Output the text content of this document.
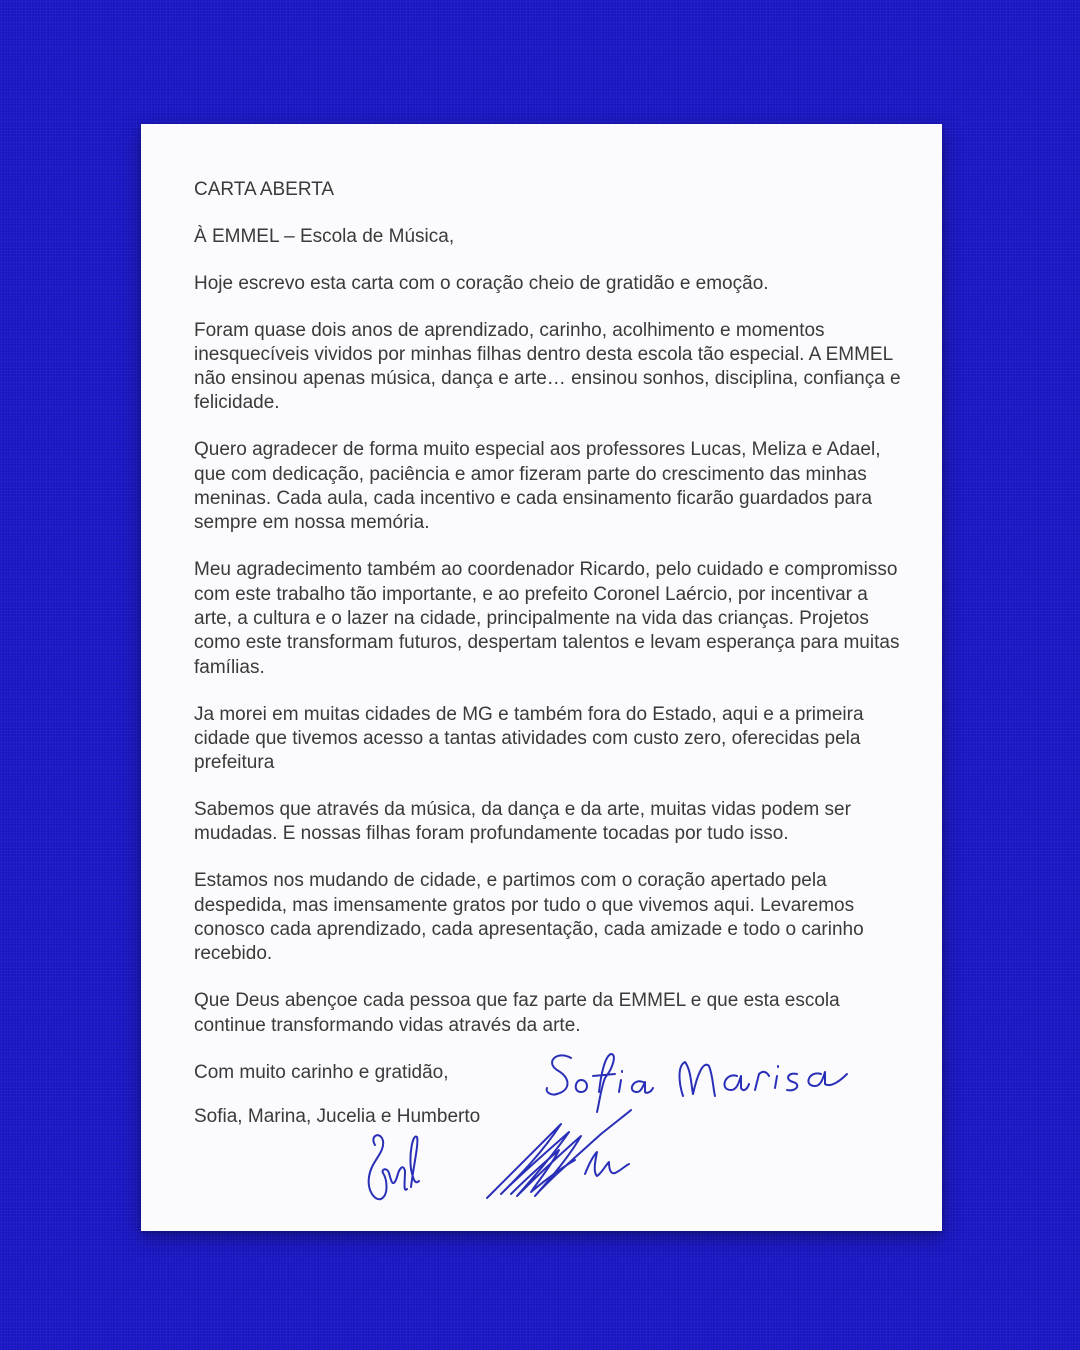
CARTA ABERTA

À EMMEL – Escola de Música,

Hoje escrevo esta carta com o coração cheio de gratidão e emoção.

Foram quase dois anos de aprendizado, carinho, acolhimento e momentos inesquecíveis vividos por minhas filhas dentro desta escola tão especial. A EMMEL não ensinou apenas música, dança e arte… ensinou sonhos, disciplina, confiança e felicidade.

Quero agradecer de forma muito especial aos professores Lucas, Meliza e Adael, que com dedicação, paciência e amor fizeram parte do crescimento das minhas meninas. Cada aula, cada incentivo e cada ensinamento ficarão guardados para sempre em nossa memória.

Meu agradecimento também ao coordenador Ricardo, pelo cuidado e compromisso com este trabalho tão importante, e ao prefeito Coronel Laércio, por incentivar a arte, a cultura e o lazer na cidade, principalmente na vida das crianças. Projetos como este transformam futuros, despertam talentos e levam esperança para muitas famílias.

Ja morei em muitas cidades de MG e também fora do Estado, aqui e a primeira cidade que tivemos acesso a tantas atividades com custo zero, oferecidas pela prefeitura

Sabemos que através da música, da dança e da arte, muitas vidas podem ser mudadas. E nossas filhas foram profundamente tocadas por tudo isso.

Estamos nos mudando de cidade, e partimos com o coração apertado pela despedida, mas imensamente gratos por tudo o que vivemos aqui. Levaremos conosco cada aprendizado, cada apresentação, cada amizade e todo o carinho recebido.

Que Deus abençoe cada pessoa que faz parte da EMMEL e que esta escola continue transformando vidas através da arte.

Com muito carinho e gratidão,

Sofia, Marina, Jucelia e Humberto
